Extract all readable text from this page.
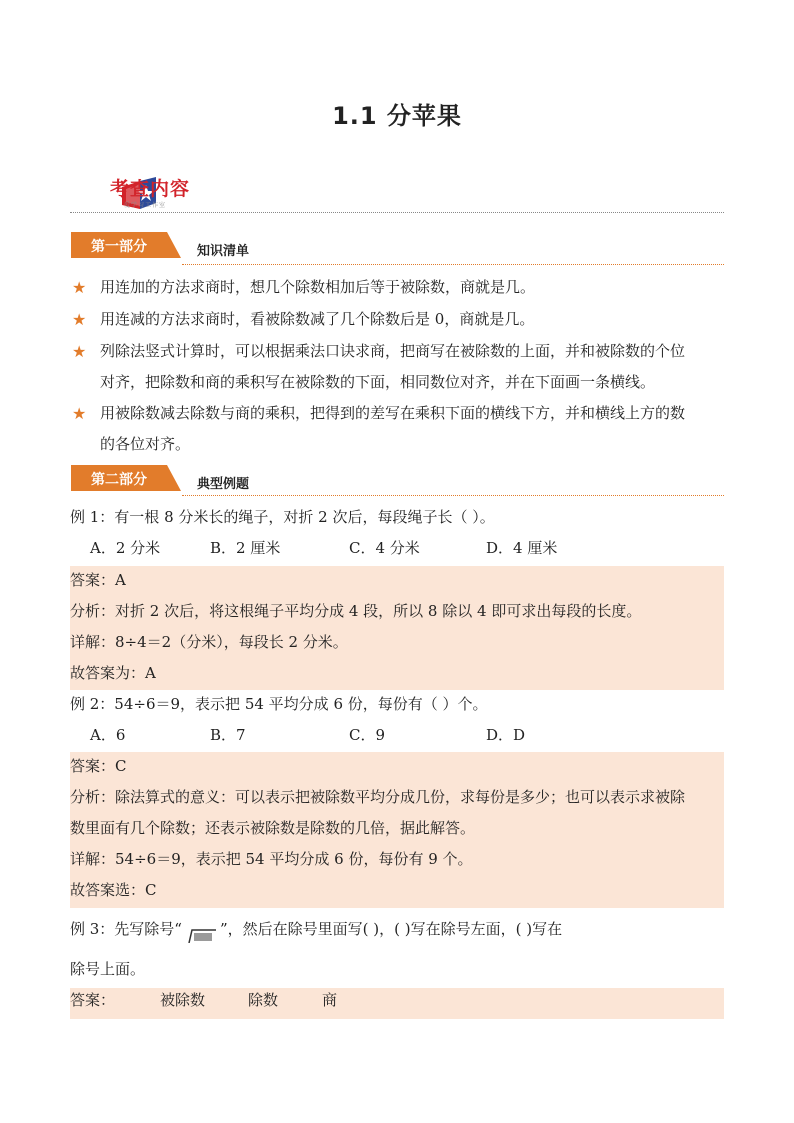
1.1 分苹果
考查内容
爱学习工作室
第一部分	知识清单
★ 用连加的方法求商时，想几个除数相加后等于被除数，商就是几。
★ 用连减的方法求商时，看被除数减了几个除数后是 0，商就是几。
★ 列除法竖式计算时，可以根据乘法口诀求商，把商写在被除数的上面，并和被除数的个位
对齐，把除数和商的乘积写在被除数的下面，相同数位对齐，并在下面画一条横线。
★ 用被除数减去除数与商的乘积，把得到的差写在乘积下面的横线下方，并和横线上方的数
的各位对齐。
第二部分	典型例题
例 1：有一根 8 分米长的绳子，对折 2 次后，每段绳子长（ ）。
A．2 分米	B．2 厘米	C．4 分米	D．4 厘米
答案：A
分析：对折 2 次后，将这根绳子平均分成 4 段，所以 8 除以 4 即可求出每段的长度。
详解：8÷4＝2（分米），每段长 2 分米。
故答案为：A
例 2：54÷6＝9，表示把 54 平均分成 6 份，每份有（ ）个。
A．6	B．7	C．9	D．D
答案：C
分析：除法算式的意义：可以表示把被除数平均分成几份，求每份是多少；也可以表示求被除
数里面有几个除数；还表示被除数是除数的几倍，据此解答。
详解：54÷6＝9，表示把 54 平均分成 6 份，每份有 9 个。
故答案选：C
例 3：先写除号“	”，然后在除号里面写( )，( )写在除号左面，( )写在
除号上面。
答案：	被除数	除数	商
